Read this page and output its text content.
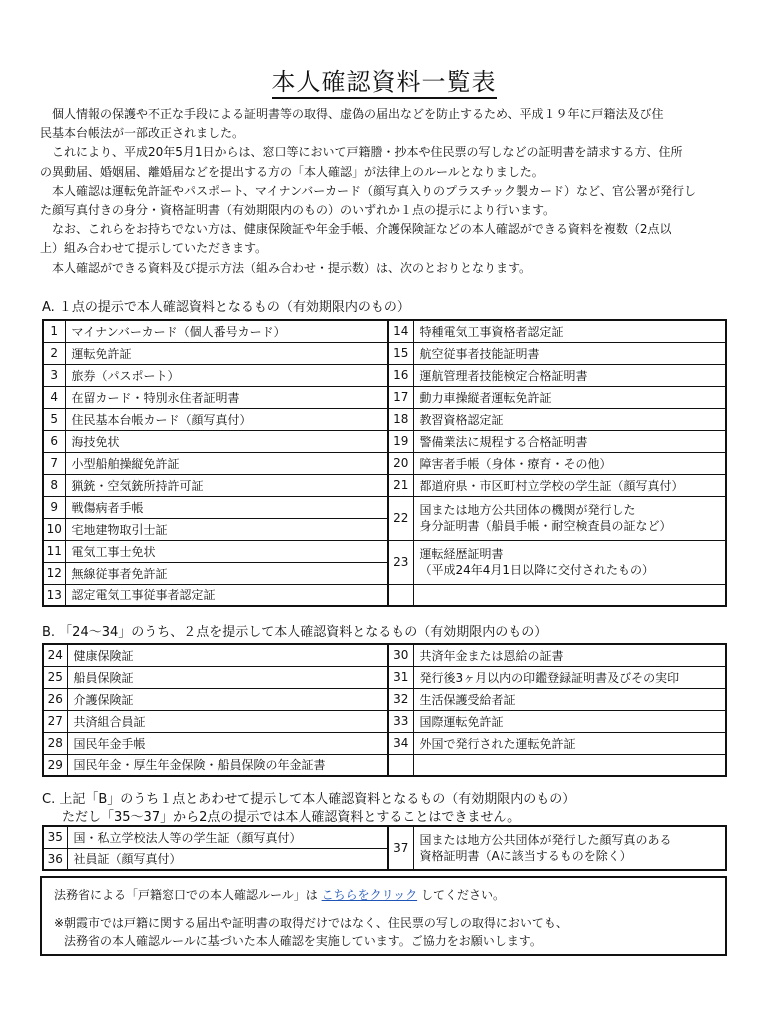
本人確認資料一覧表

　個人情報の保護や不正な手段による証明書等の取得、虚偽の届出などを防止するため、平成１９年に戸籍法及び住

民基本台帳法が一部改正されました。

　これにより、平成20年5月1日からは、窓口等において戸籍謄・抄本や住民票の写しなどの証明書を請求する方、住所

の異動届、婚姻届、離婚届などを提出する方の「本人確認」が法律上のルールとなりました。

　本人確認は運転免許証やパスポート、マイナンバーカード（顔写真入りのプラスチック製カード）など、官公署が発行し

た顔写真付きの身分・資格証明書（有効期限内のもの）のいずれか１点の提示により行います。

　なお、これらをお持ちでない方は、健康保険証や年金手帳、介護保険証などの本人確認ができる資料を複数（2点以

上）組み合わせて提示していただきます。

　本人確認ができる資料及び提示方法（組み合わせ・提示数）は、次のとおりとなります。

A. １点の提示で本人確認資料となるもの（有効期限内のもの）
1	マイナンバーカード（個人番号カード）	14	特種電気工事資格者認定証
2	運転免許証	15	航空従事者技能証明書
3	旅券（パスポート）	16	運航管理者技能検定合格証明書
4	在留カード・特別永住者証明書	17	動力車操縦者運転免許証
5	住民基本台帳カード（顔写真付）	18	教習資格認定証
6	海技免状	19	警備業法に規程する合格証明書
7	小型船舶操縦免許証	20	障害者手帳（身体・療育・その他）
8	猟銃・空気銃所持許可証	21	都道府県・市区町村立学校の学生証（顔写真付）
9	戦傷病者手帳	22	国または地方公共団体の機関が発行した
身分証明書（船員手帳・耐空検査員の証など）

10	宅地建物取引士証		
11	電気工事士免状	23	運転経歴証明書
（平成24年4月1日以降に交付されたもの）

12	無線従事者免許証		
13	認定電気工事従事者認定証		
B. 「24～34」のうち、２点を提示して本人確認資料となるもの（有効期限内のもの）
24	健康保険証	30	共済年金または恩給の証書
25	船員保険証	31	発行後3ヶ月以内の印鑑登録証明書及びその実印
26	介護保険証	32	生活保護受給者証
27	共済組合員証	33	国際運転免許証
28	国民年金手帳	34	外国で発行された運転免許証
29	国民年金・厚生年金保険・船員保険の年金証書		
C. 上記「B」のうち１点とあわせて提示して本人確認資料となるもの（有効期限内のもの）
ただし「35～37」から2点の提示では本人確認資料とすることはできません。
35	国・私立学校法人等の学生証（顔写真付）	37	国または地方公共団体が発行した顔写真のある
資格証明書（Aに該当するものを除く）

36	社員証（顔写真付）		
法務省による「戸籍窓口での本人確認ルール」は こちらをクリック してください。
※朝霞市では戸籍に関する届出や証明書の取得だけではなく、住民票の写しの取得においても、
法務省の本人確認ルールに基づいた本人確認を実施しています。ご協力をお願いします。
